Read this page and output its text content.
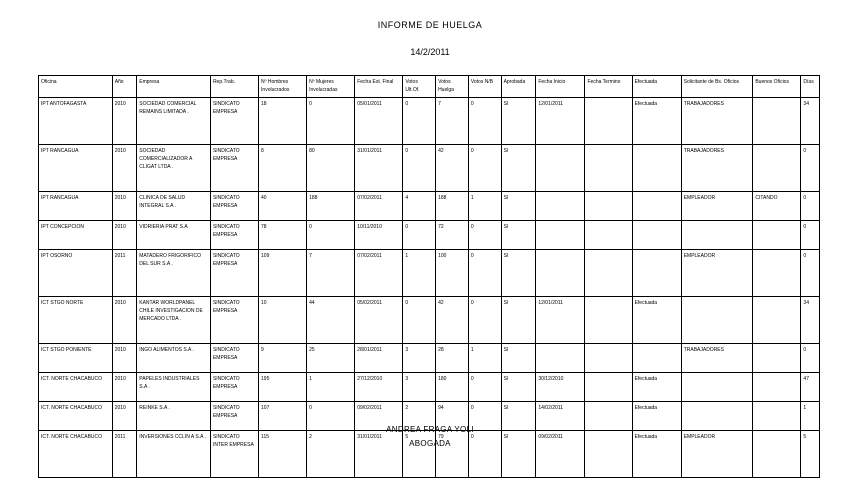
INFORME DE HUELGA
14/2/2011
Oficina	Año	Empresa	Rep.Trab.	Nº Hombres Involucrados	Nº Mujeres Involucradas	Fecha Est. Final	Votos Ult.Of.	Votos Huelga	Votos N/B	Aprobada	Fecha Inicio	Fecha Termino	Efectuada	Solicitante de Bs. Oficios	Buenos Oficios	Días
IPT ANTOFAGASTA	2010	SOCIEDAD COMERCIAL REMAINS LIMITADA .	SINDICATO EMPRESA	18	0	05/01/2011	0	7	0	SI	12/01/2011		Efectuada	TRABAJADORES		34
IPT RANCAGUA	2010	SOCIEDAD COMERCIALIZADOR A CLIGAT LTDA .	SINDICATO EMPRESA	8	80	31/01/2011	0	42	0	SI				TRABAJADORES		0
IPT RANCAGUA	2010	CLINICA DE SALUD INTEGRAL S.A .	SINDICATO EMPRESA	40	188	07/02/2011	4	188	1	SI				EMPLEADOR	CITANDO	0
IPT CONCEPCION	2010	VIDRIERIA PRAT S.A	SINDICATO EMPRESA	78	0	10/11/2010	0	72	0	SI						0
IPT OSORNO	2011	MATADERO FRIGORIFICO DEL SUR S.A .	SINDICATO EMPRESA	109	7	07/02/2011	1	100	0	SI				EMPLEADOR		0
ICT STGO NORTE	2010	KANTAR WORLDPANEL CHILE INVESTIGACION DE MERCADO LTDA .	SINDICATO EMPRESA	10	44	05/02/2011	0	42	0	SI	12/01/2011		Efectuada			34
ICT STGO PONIENTE	2010	INGO ALIMENTOS S.A .	SINDICATO EMPRESA	9	25	28/01/2011	3	28	1	SI				TRABAJADORES		0
ICT. NORTE CHACABUCO	2010	PAPELES INDUSTRIALES S.A .	SINDICATO EMPRESA	195	1	27/12/2010	3	180	0	SI	30/12/2010		Efectuada			47
ICT. NORTE CHACABUCO	2010	REINKE S.A .	SINDICATO EMPRESA	107	0	09/02/2011	2	94	0	SI	14/02/2011		Efectuada			1
ICT. NORTE CHACABUCO	2011	INVERSIONES CCLIN A S.A .	SINDICATO INTER EMPRESA	115	2	31/01/2011	5	79	0	SI	09/02/2011		Efectuada	EMPLEADOR		5
ANDREA FRAGA YOLI
ABOGADA
